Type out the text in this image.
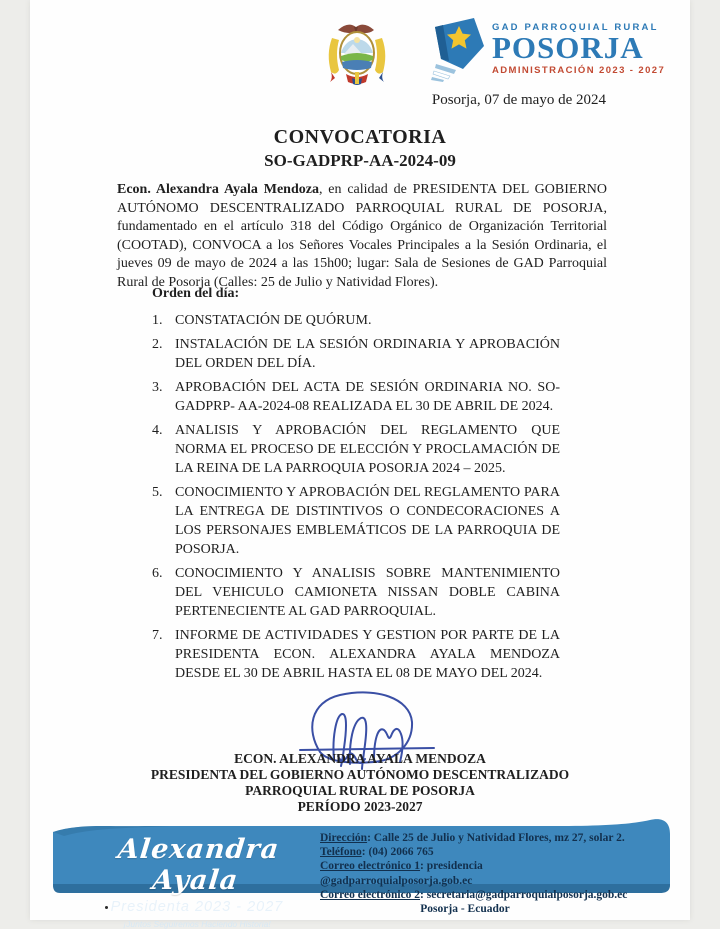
GAD PARROQUIAL RURAL
POSORJA
ADMINISTRACIÓN 2023 - 2027
Posorja, 07 de mayo de 2024
CONVOCATORIA
SO-GADPRP-AA-2024-09

Econ. Alexandra Ayala Mendoza, en calidad de PRESIDENTA DEL GOBIERNO AUTÓNOMO DESCENTRALIZADO PARROQUIAL RURAL DE POSORJA, fundamentado en el artículo 318 del Código Orgánico de Organización Territorial (COOTAD), CONVOCA a los Señores Vocales Principales a la Sesión Ordinaria, el jueves 09 de mayo de 2024 a las 15h00; lugar: Sala de Sesiones de GAD Parroquial Rural de Posorja (Calles: 25 de Julio y Natividad Flores).

Orden del día:
1. CONSTATACIÓN DE QUÓRUM.
2. INSTALACIÓN DE LA SESIÓN ORDINARIA Y APROBACIÓN DEL ORDEN DEL DÍA.
3. APROBACIÓN DEL ACTA DE SESIÓN ORDINARIA NO. SO-GADPRP- AA-2024-08 REALIZADA EL 30 DE ABRIL DE 2024.
4. ANALISIS Y APROBACIÓN DEL REGLAMENTO QUE NORMA EL PROCESO DE ELECCIÓN Y PROCLAMACIÓN DE LA REINA DE LA PARROQUIA POSORJA 2024 – 2025.
5. CONOCIMIENTO Y APROBACIÓN DEL REGLAMENTO PARA LA ENTREGA DE DISTINTIVOS O CONDECORACIONES A LOS PERSONAJES EMBLEMÁTICOS DE LA PARROQUIA DE POSORJA.
6. CONOCIMIENTO Y ANALISIS SOBRE MANTENIMIENTO DEL VEHICULO CAMIONETA NISSAN DOBLE CABINA PERTENECIENTE AL GAD PARROQUIAL.
7. INFORME DE ACTIVIDADES Y GESTION POR PARTE DE LA PRESIDENTA ECON. ALEXANDRA AYALA MENDOZA DESDE EL 30 DE ABRIL HASTA EL 08 DE MAYO DEL 2024.
ECON. ALEXANDRA AYALA MENDOZA
PRESIDENTA DEL GOBIERNO AUTÓNOMO DESCENTRALIZADO
PARROQUIAL RURAL DE POSORJA
PERÍODO 2023-2027
Alexandra Ayala
Presidenta 2023 - 2027
¡Juntos Seguiremos Haciendo Historia!
Dirección: Calle 25 de Julio y Natividad Flores, mz 27, solar 2.
Teléfono: (04) 2066 765
Correo electrónico 1: presidencia @gadparroquialposorja.gob.ec
Correo electrónico 2: secretaria@gadparroquialposorja.gob.ec
Posorja - Ecuador
